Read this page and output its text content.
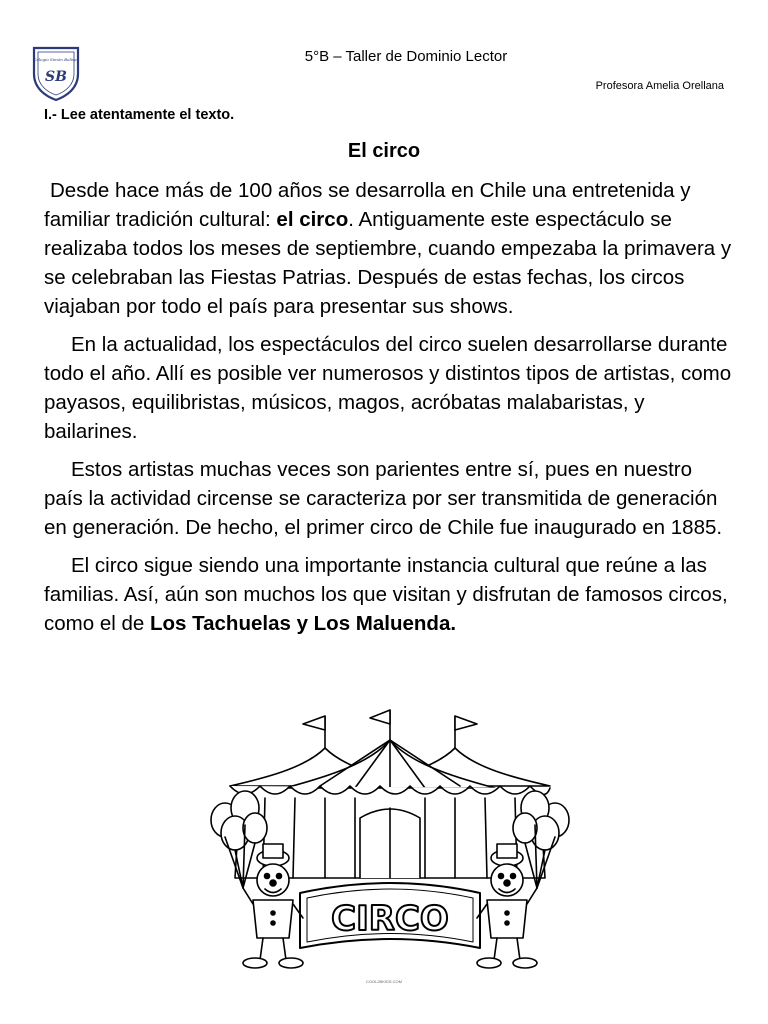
Colegio Simón Bolívar
SB
5°B – Taller de Dominio Lector
Profesora Amelia Orellana
I.- Lee atentamente el texto.
El circo

Desde hace más de 100 años se desarrolla en Chile una entretenida y familiar tradición cultural: el circo. Antiguamente este espectáculo se realizaba todos los meses de septiembre, cuando empezaba la primavera y se celebraban las Fiestas Patrias. Después de estas fechas, los circos viajaban por todo el país para presentar sus shows.

En la actualidad, los espectáculos del circo suelen desarrollarse durante todo el año. Allí es posible ver numerosos y distintos tipos de artistas, como payasos, equilibristas, músicos, magos, acróbatas malabaristas, y bailarines.

Estos artistas muchas veces son parientes entre sí, pues en nuestro país la actividad circense se caracteriza por ser transmitida de generación en generación. De hecho, el primer circo de Chile fue inaugurado en 1885.

El circo sigue siendo una importante instancia cultural que reúne a las familias. Así, aún son muchos los que visitan y disfrutan de famosos circos, como el de Los Tachuelas y Los Maluenda.

CIRCO
COOL2BKIDS.COM
